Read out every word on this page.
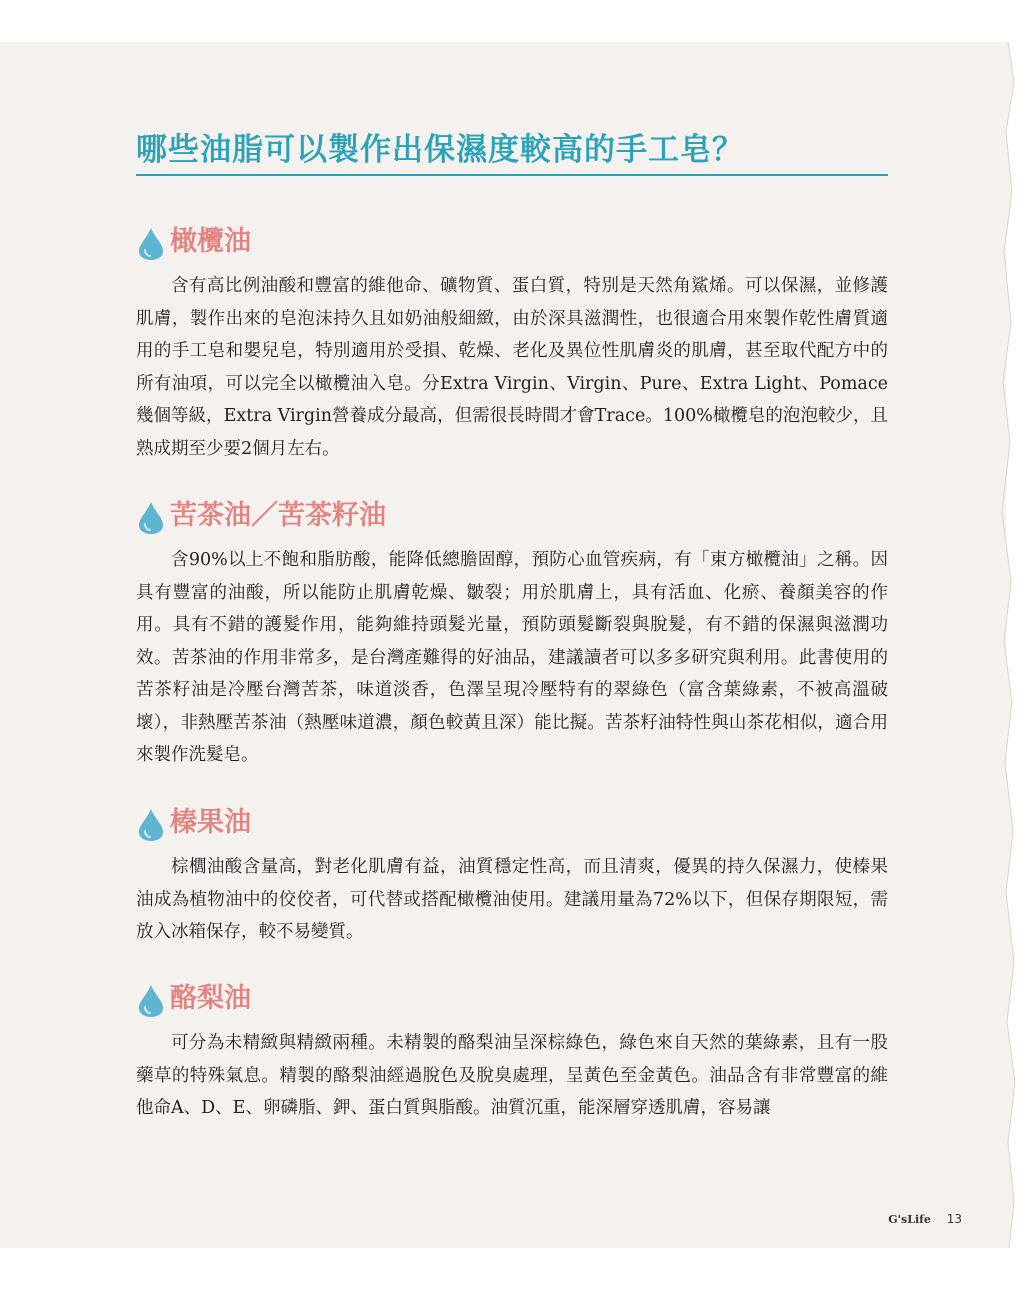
哪些油脂可以製作出保濕度較高的手工皂？
橄欖油

含有高比例油酸和豐富的維他命、礦物質、蛋白質，特別是天然角鯊烯。可以保濕，並修護肌膚，製作出來的皂泡沫持久且如奶油般細緻，由於深具滋潤性，也很適合用來製作乾性膚質適用的手工皂和嬰兒皂，特別適用於受損、乾燥、老化及異位性肌膚炎的肌膚，甚至取代配方中的所有油項，可以完全以橄欖油入皂。分Extra Virgin、Virgin、Pure、Extra Light、Pomace幾個等級，Extra Virgin營養成分最高，但需很長時間才會Trace。100%橄欖皂的泡泡較少，且熟成期至少要2個月左右。

苦茶油／苦茶籽油

含90%以上不飽和脂肪酸，能降低總膽固醇，預防心血管疾病，有「東方橄欖油」之稱。因具有豐富的油酸，所以能防止肌膚乾燥、皺裂；用於肌膚上，具有活血、化瘀、養顏美容的作用。具有不錯的護髮作用，能夠維持頭髮光量，預防頭髮斷裂與脫髮，有不錯的保濕與滋潤功效。苦茶油的作用非常多，是台灣產難得的好油品，建議讀者可以多多研究與利用。此書使用的苦茶籽油是冷壓台灣苦茶，味道淡香，色澤呈現冷壓特有的翠綠色（富含葉綠素，不被高溫破壞），非熱壓苦茶油（熱壓味道濃，顏色較黃且深）能比擬。苦茶籽油特性與山茶花相似，適合用來製作洗髮皂。

榛果油

棕櫚油酸含量高，對老化肌膚有益，油質穩定性高，而且清爽，優異的持久保濕力，使榛果油成為植物油中的佼佼者，可代替或搭配橄欖油使用。建議用量為72%以下，但保存期限短，需放入冰箱保存，較不易變質。

酪梨油

可分為未精緻與精緻兩種。未精製的酪梨油呈深棕綠色，綠色來自天然的葉綠素，且有一股藥草的特殊氣息。精製的酪梨油經過脫色及脫臭處理，呈黃色至金黃色。油品含有非常豐富的維他命A、D、E、卵磷脂、鉀、蛋白質與脂酸。油質沉重，能深層穿透肌膚，容易讓

G'sLife 13
